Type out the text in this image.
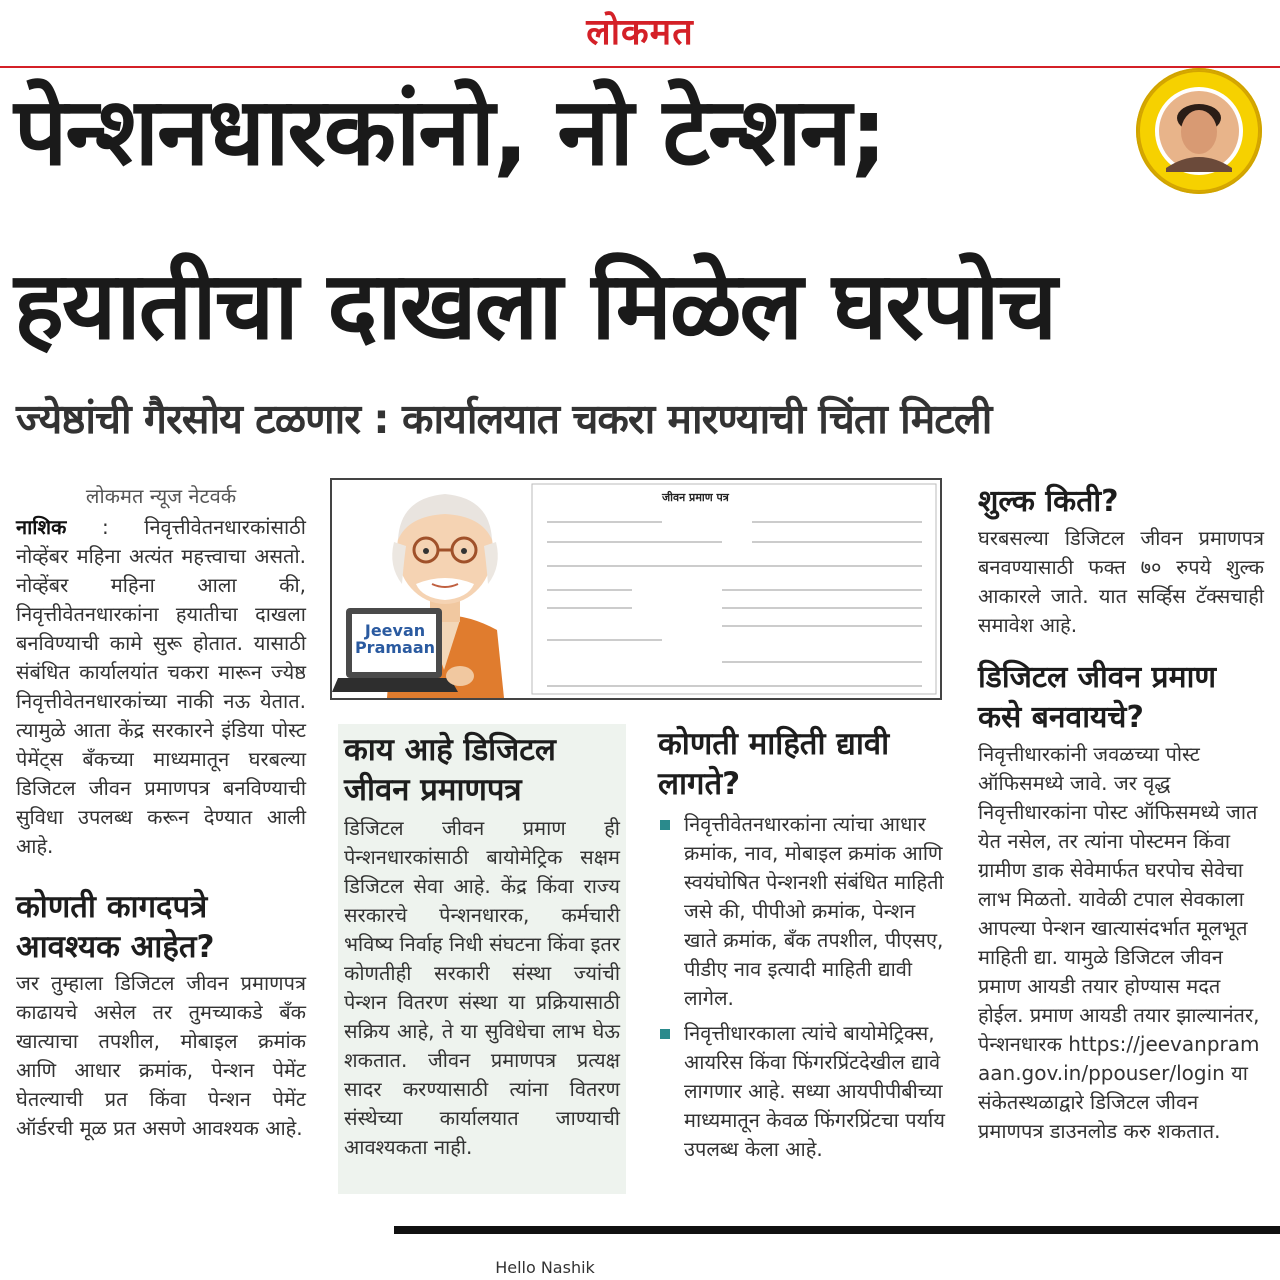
लोकमत
पेन्शनधारकांनो, नो टेन्शन;
हयातीचा दाखला मिळेल घरपोच
ज्येष्ठांची गैरसोय टळणार : कार्यालयात चकरा मारण्याची चिंता मिटली
लोकमत न्यूज नेटवर्क

नाशिक : निवृत्तीवेतनधारकांसाठी नोव्हेंबर महिना अत्यंत महत्त्वाचा असतो. नोव्हेंबर महिना आला की, निवृत्तीवेतनधारकांना हयातीचा दाखला बनविण्याची कामे सुरू होतात. यासाठी संबंधित कार्यालयांत चकरा मारून ज्येष्ठ निवृत्तीवेतनधारकांच्या नाकी नऊ येतात. त्यामुळे आता केंद्र सरकारने इंडिया पोस्ट पेमेंट्स बँकच्या माध्यमातून घरबल्या डिजिटल जीवन प्रमाणपत्र बनविण्याची सुविधा उपलब्ध करून देण्यात आली आहे.

कोणती कागदपत्रे आवश्यक आहेत?

जर तुम्हाला डिजिटल जीवन प्रमाणपत्र काढायचे असेल तर तुमच्याकडे बँक खात्याचा तपशील, मोबाइल क्रमांक आणि आधार क्रमांक, पेन्शन पेमेंट घेतल्याची प्रत किंवा पेन्शन पेमेंट ऑर्डरची मूळ प्रत असणे आवश्यक आहे.

Jeevan
Pramaan
जीवन प्रमाण पत्र
काय आहे डिजिटल जीवन प्रमाणपत्र

डिजिटल जीवन प्रमाण ही पेन्शनधारकांसाठी बायोमेट्रिक सक्षम डिजिटल सेवा आहे. केंद्र किंवा राज्य सरकारचे पेन्शनधारक, कर्मचारी भविष्य निर्वाह निधी संघटना किंवा इतर कोणतीही सरकारी संस्था ज्यांची पेन्शन वितरण संस्था या प्रक्रियासाठी सक्रिय आहे, ते या सुविधेचा लाभ घेऊ शकतात. जीवन प्रमाणपत्र प्रत्यक्ष सादर करण्यासाठी त्यांना वितरण संस्थेच्या कार्यालयात जाण्याची आवश्यकता नाही.

कोणती माहिती द्यावी लागते?
निवृत्तीवेतनधारकांना त्यांचा आधार क्रमांक, नाव, मोबाइल क्रमांक आणि स्वयंघोषित पेन्शनशी संबंधित माहिती जसे की, पीपीओ क्रमांक, पेन्शन खाते क्रमांक, बँक तपशील, पीएसए, पीडीए नाव इत्यादी माहिती द्यावी लागेल.
निवृत्तीधारकाला त्यांचे बायोमेट्रिक्स, आयरिस किंवा फिंगरप्रिंटदेखील द्यावे लागणार आहे. सध्या आयपीपीबीच्या माध्यमातून केवळ फिंगरप्रिंटचा पर्याय उपलब्ध केला आहे.
शुल्क किती?

घरबसल्या डिजिटल जीवन प्रमाणपत्र बनवण्यासाठी फक्त ७० रुपये शुल्क आकारले जाते. यात सर्व्हिस टॅक्सचाही समावेश आहे.

डिजिटल जीवन प्रमाण कसे बनवायचे?

निवृत्तीधारकांनी जवळच्या पोस्ट ऑफिसमध्ये जावे. जर वृद्ध निवृत्तीधारकांना पोस्ट ऑफिसमध्ये जात येत नसेल, तर त्यांना पोस्टमन किंवा ग्रामीण डाक सेवेमार्फत घरपोच सेवेचा लाभ मिळतो. यावेळी टपाल सेवकाला आपल्या पेन्शन खात्यासंदर्भात मूलभूत माहिती द्या. यामुळे डिजिटल जीवन प्रमाण आयडी तयार होण्यास मदत होईल. प्रमाण आयडी तयार झाल्यानंतर, पेन्शनधारक https://jeevanpramaan.gov.in/ppouser/login या संकेतस्थळाद्वारे डिजिटल जीवन प्रमाणपत्र डाउनलोड करु शकतात.

Hello Nashik
